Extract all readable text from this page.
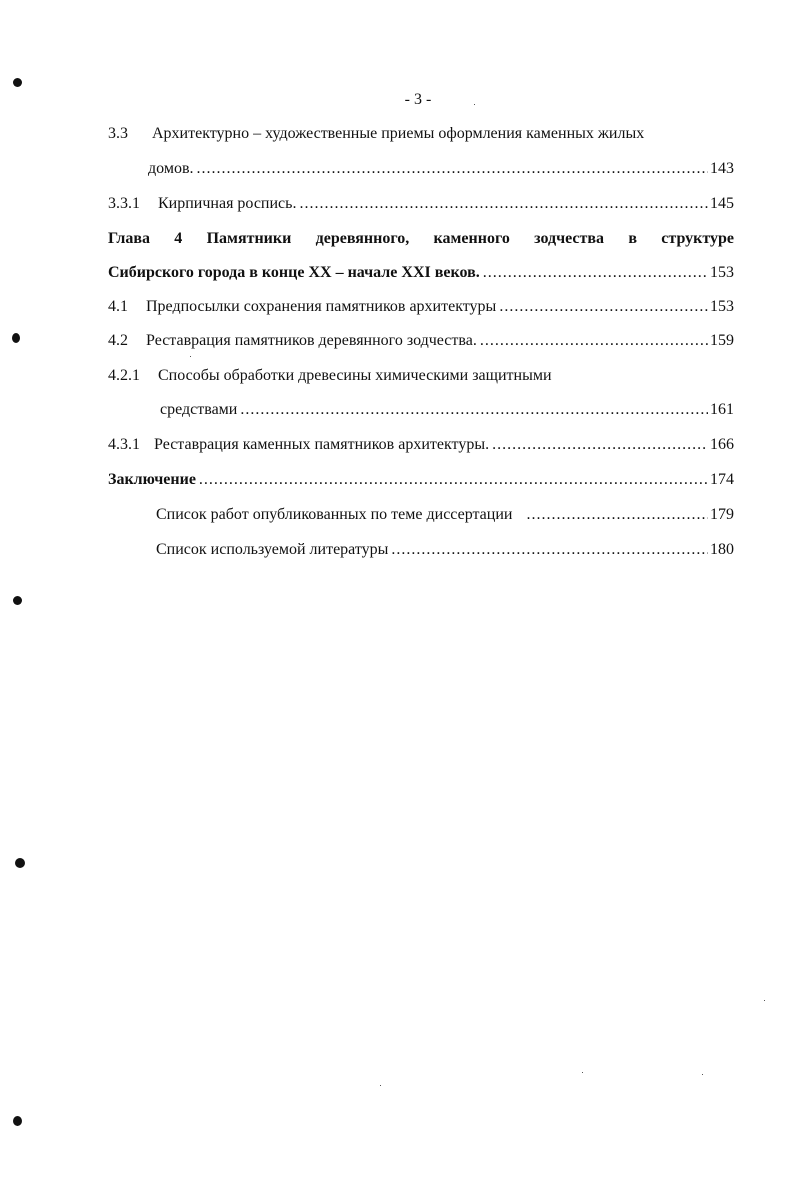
- 3 -
3.3 Архитектурно – художественные приемы оформления каменных жилых
домов. .....	143
3.3.1 Кирпичная роспись. .....	145
Глава 4 Памятники деревянного, каменного зодчества в структуре
Сибирского города в конце XX – начале XXI веков. .....	153
4.1 Предпосылки сохранения памятников архитектуры .....	153
4.2 Реставрация памятников деревянного зодчества. .....	159
4.2.1 Способы обработки древесины химическими защитными
средствами .....	161
4.3.1 Реставрация каменных памятников архитектуры. .....	166
Заключение .....	174
Список работ опубликованных по теме диссертации .....	179
Список используемой литературы .....	180
